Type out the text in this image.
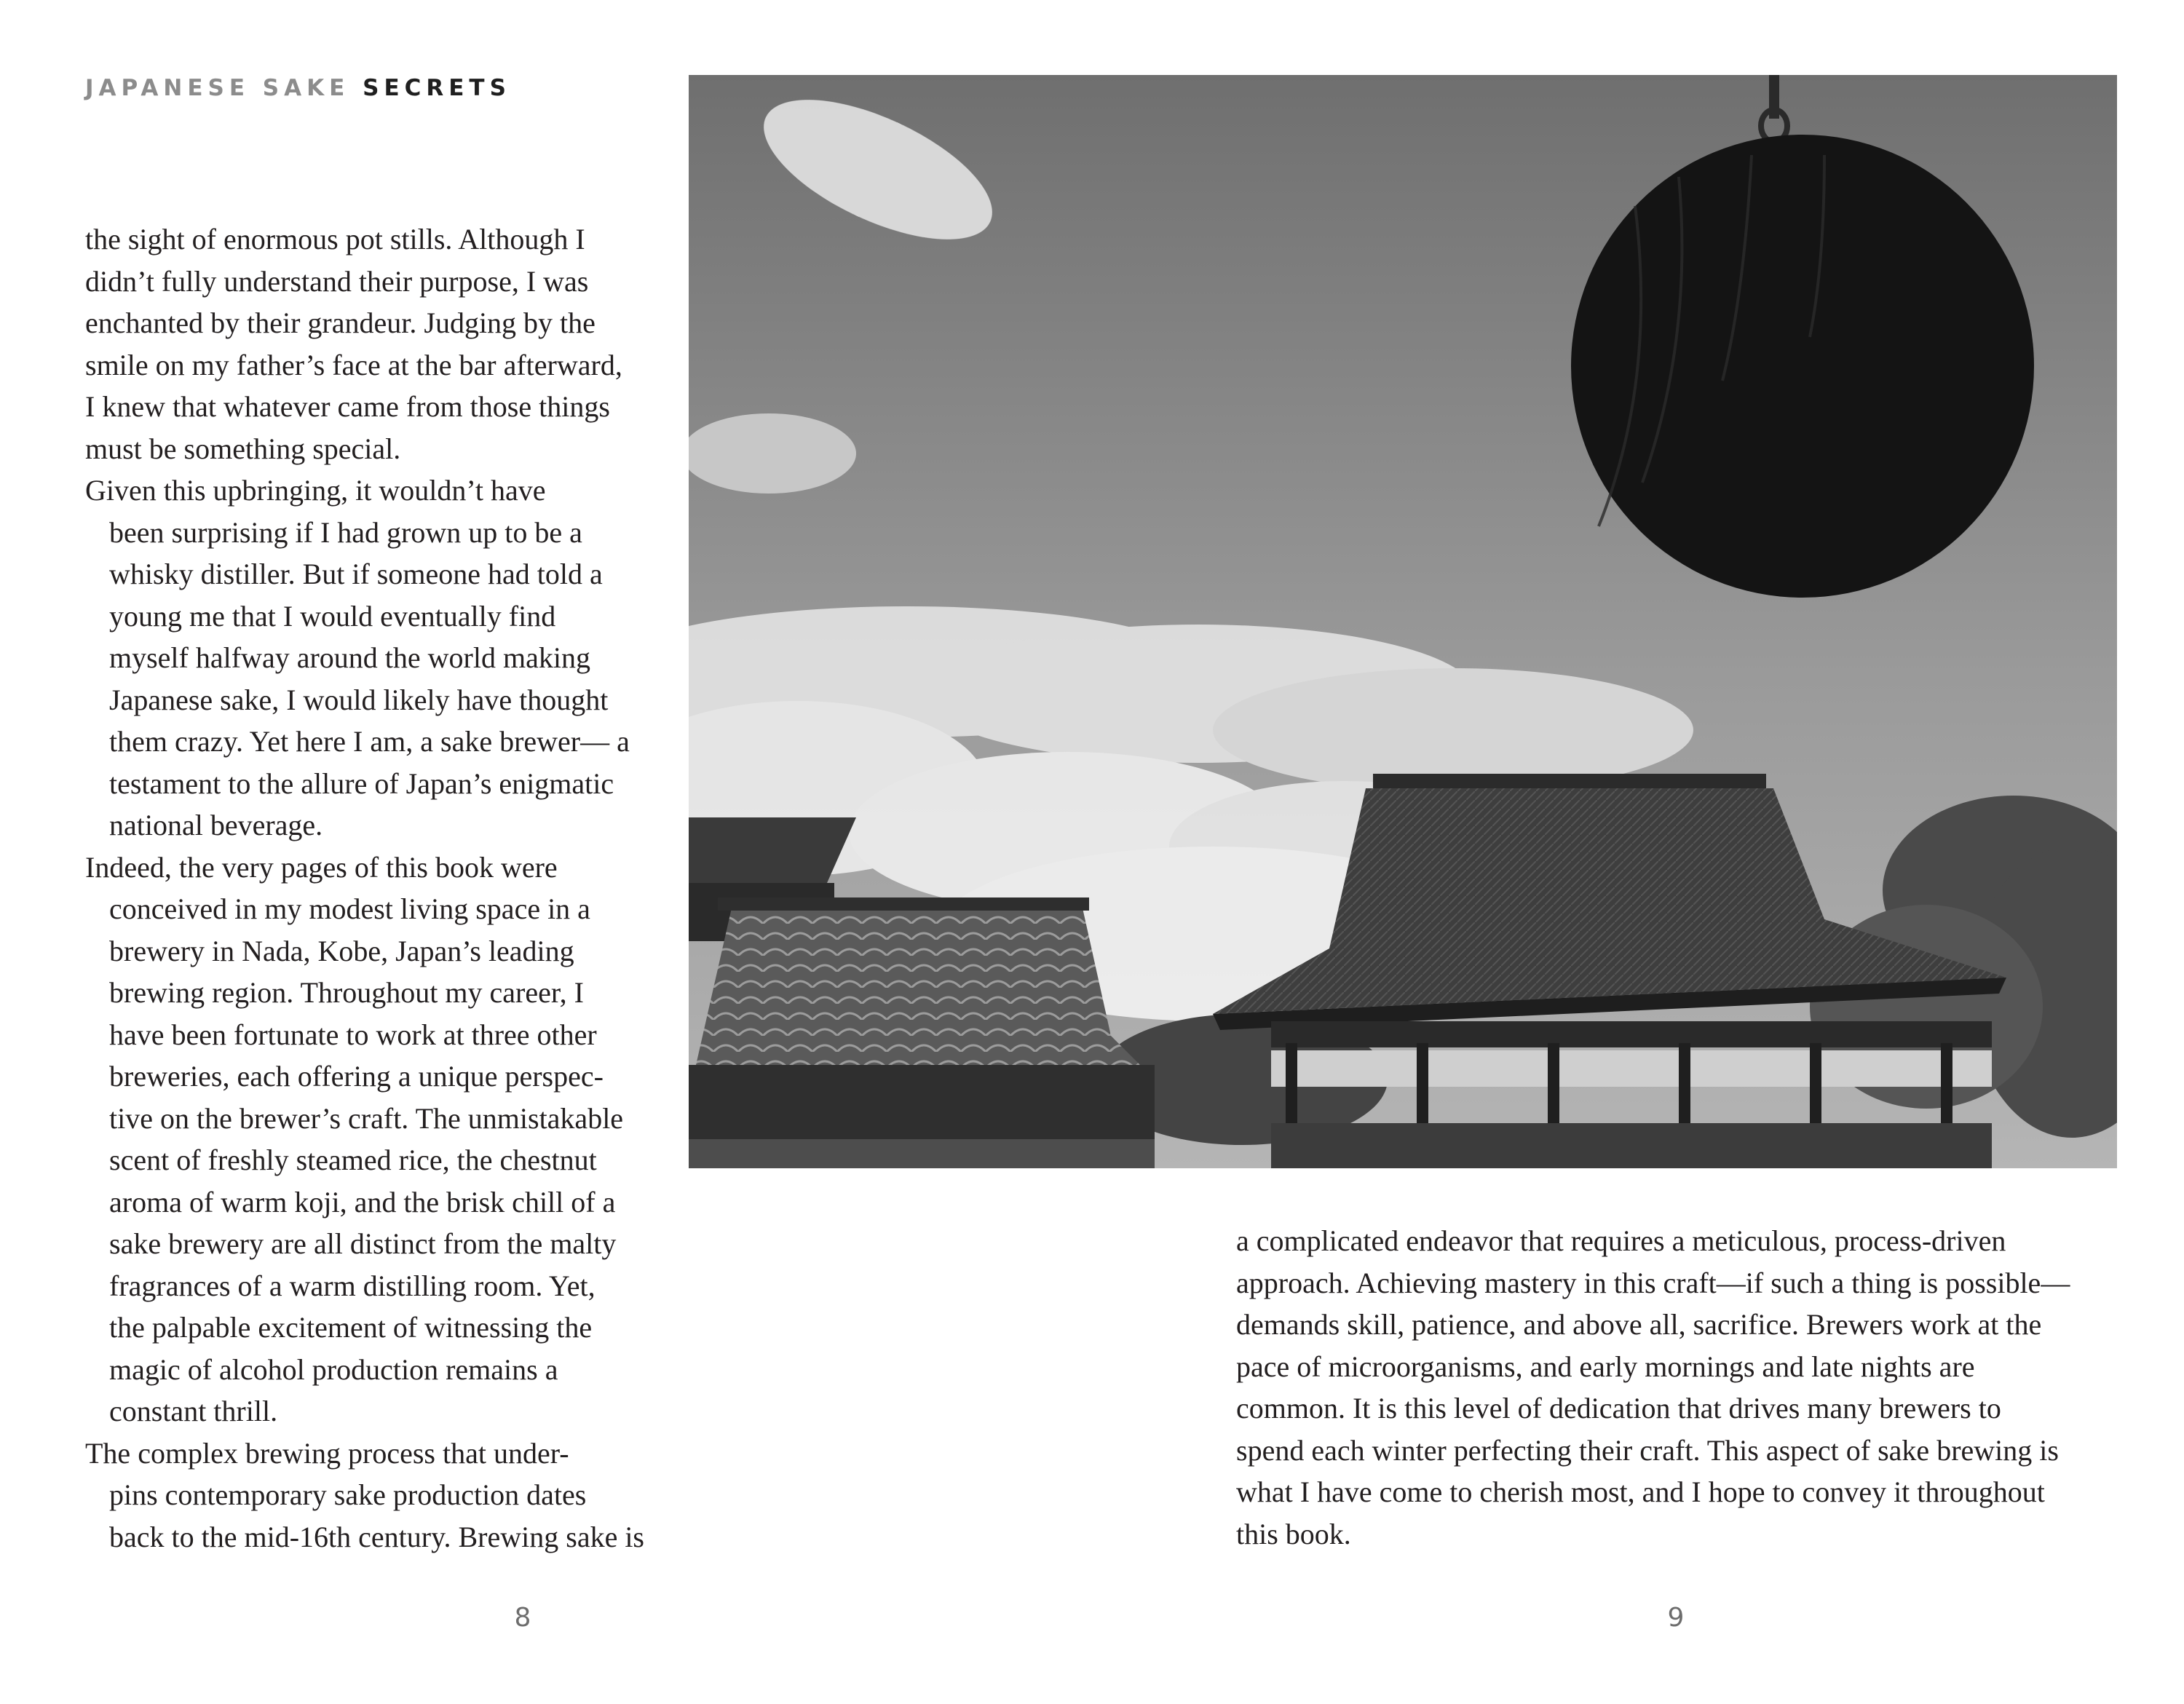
JAPANESE SAKE SECRETS

the sight of enormous pot stills. Although I
didn’t fully understand their purpose, I was
enchanted by their grandeur. Judging by the
smile on my father’s face at the bar afterward,
I knew that whatever came from those things
must be something special.

Given this upbringing, it wouldn’t have
been surprising if I had grown up to be a
whisky distiller. But if someone had told a
young me that I would eventually find
myself halfway around the world making
Japanese sake, I would likely have thought
them crazy. Yet here I am, a sake brewer— a
testament to the allure of Japan’s enigmatic
national beverage.

Indeed, the very pages of this book were
conceived in my modest living space in a
brewery in Nada, Kobe, Japan’s leading
brewing region. Throughout my career, I
have been fortunate to work at three other
breweries, each offering a unique perspec-
tive on the brewer’s craft. The unmistakable
scent of freshly steamed rice, the chestnut
aroma of warm koji, and the brisk chill of a
sake brewery are all distinct from the malty
fragrances of a warm distilling room. Yet,
the palpable excitement of witnessing the
magic of alcohol production remains a
constant thrill.

The complex brewing process that under-
pins contemporary sake production dates
back to the mid-16th century. Brewing sake is

a complicated endeavor that requires a meticulous, process-driven
approach. Achieving mastery in this craft—if such a thing is possible—
demands skill, patience, and above all, sacrifice. Brewers work at the
pace of microorganisms, and early mornings and late nights are
common. It is this level of dedication that drives many brewers to
spend each winter perfecting their craft. This aspect of sake brewing is
what I have come to cherish most, and I hope to convey it throughout
this book.

8	9
